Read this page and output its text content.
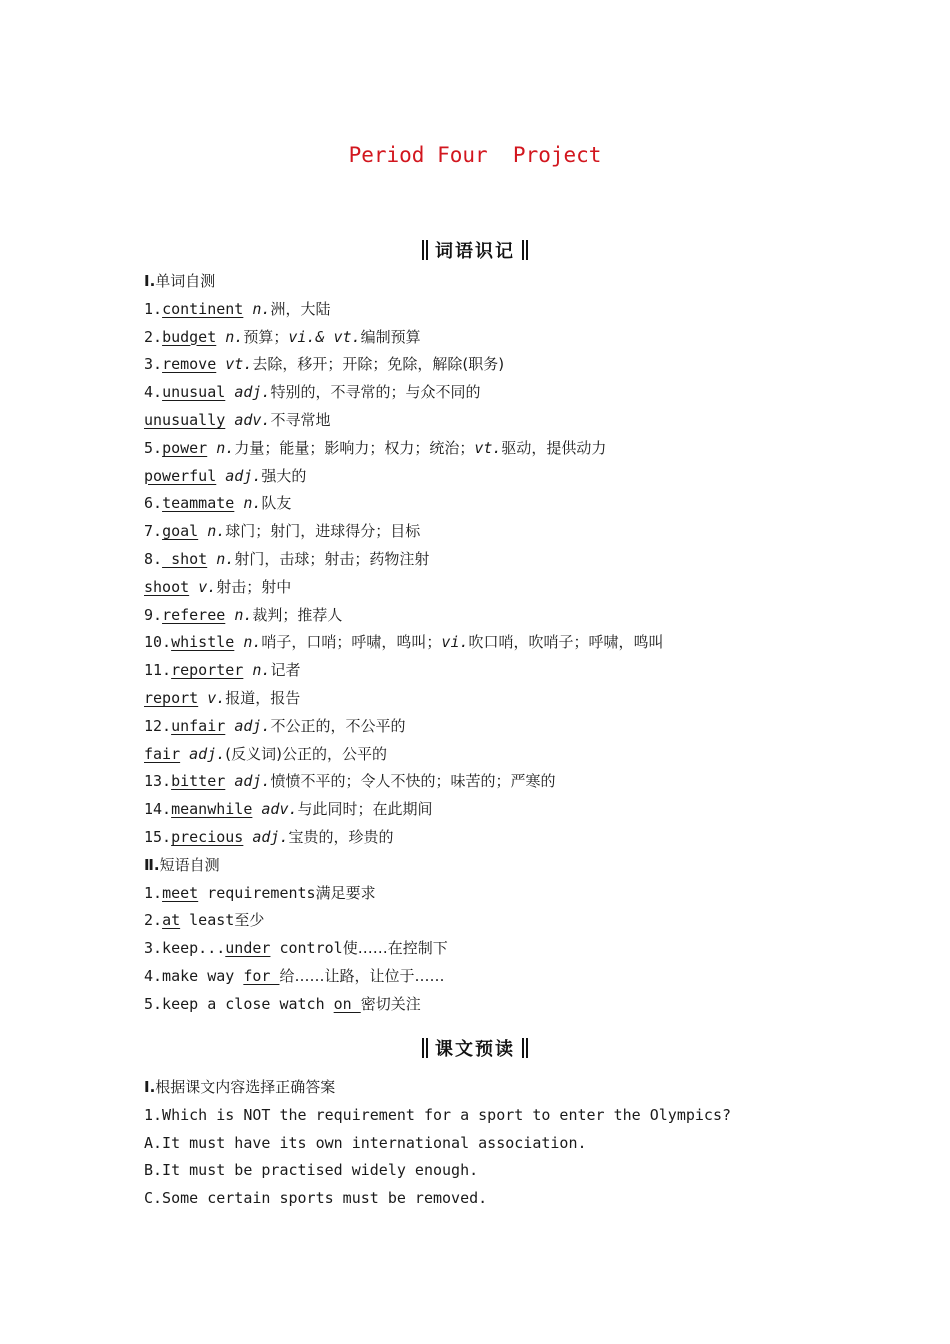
Period Four  Project
词语识记
Ⅰ.单词自测
1.continent n.洲，大陆
2.budget n.预算；vi.& vt.编制预算
3.remove vt.去除，移开；开除；免除，解除(职务)
4.unusual adj.特别的，不寻常的；与众不同的
unusually adv.不寻常地
5.power n.力量；能量；影响力；权力；统治；vt.驱动，提供动力
powerful adj.强大的
6.teammate n.队友
7.goal n.球门；射门，进球得分；目标
8. shot n.射门，击球；射击；药物注射
shoot v.射击；射中
9.referee n.裁判；推荐人
10.whistle n.哨子，口哨；呼啸，鸣叫；vi.吹口哨，吹哨子；呼啸，鸣叫
11.reporter n.记者
report v.报道，报告
12.unfair adj.不公正的，不公平的
fair adj.(反义词)公正的，公平的
13.bitter adj.愤愤不平的；令人不快的；味苦的；严寒的
14.meanwhile adv.与此同时；在此期间
15.precious adj.宝贵的，珍贵的
Ⅱ.短语自测
1.meet requirements满足要求
2.at least至少
3.keep...under control使……在控制下
4.make way for 给……让路，让位于……
5.keep a close watch on 密切关注
课文预读
Ⅰ.根据课文内容选择正确答案
1.Which is NOT the requirement for a sport to enter the Olympics?
A.It must have its own international association.
B.It must be practised widely enough.
C.Some certain sports must be removed.
